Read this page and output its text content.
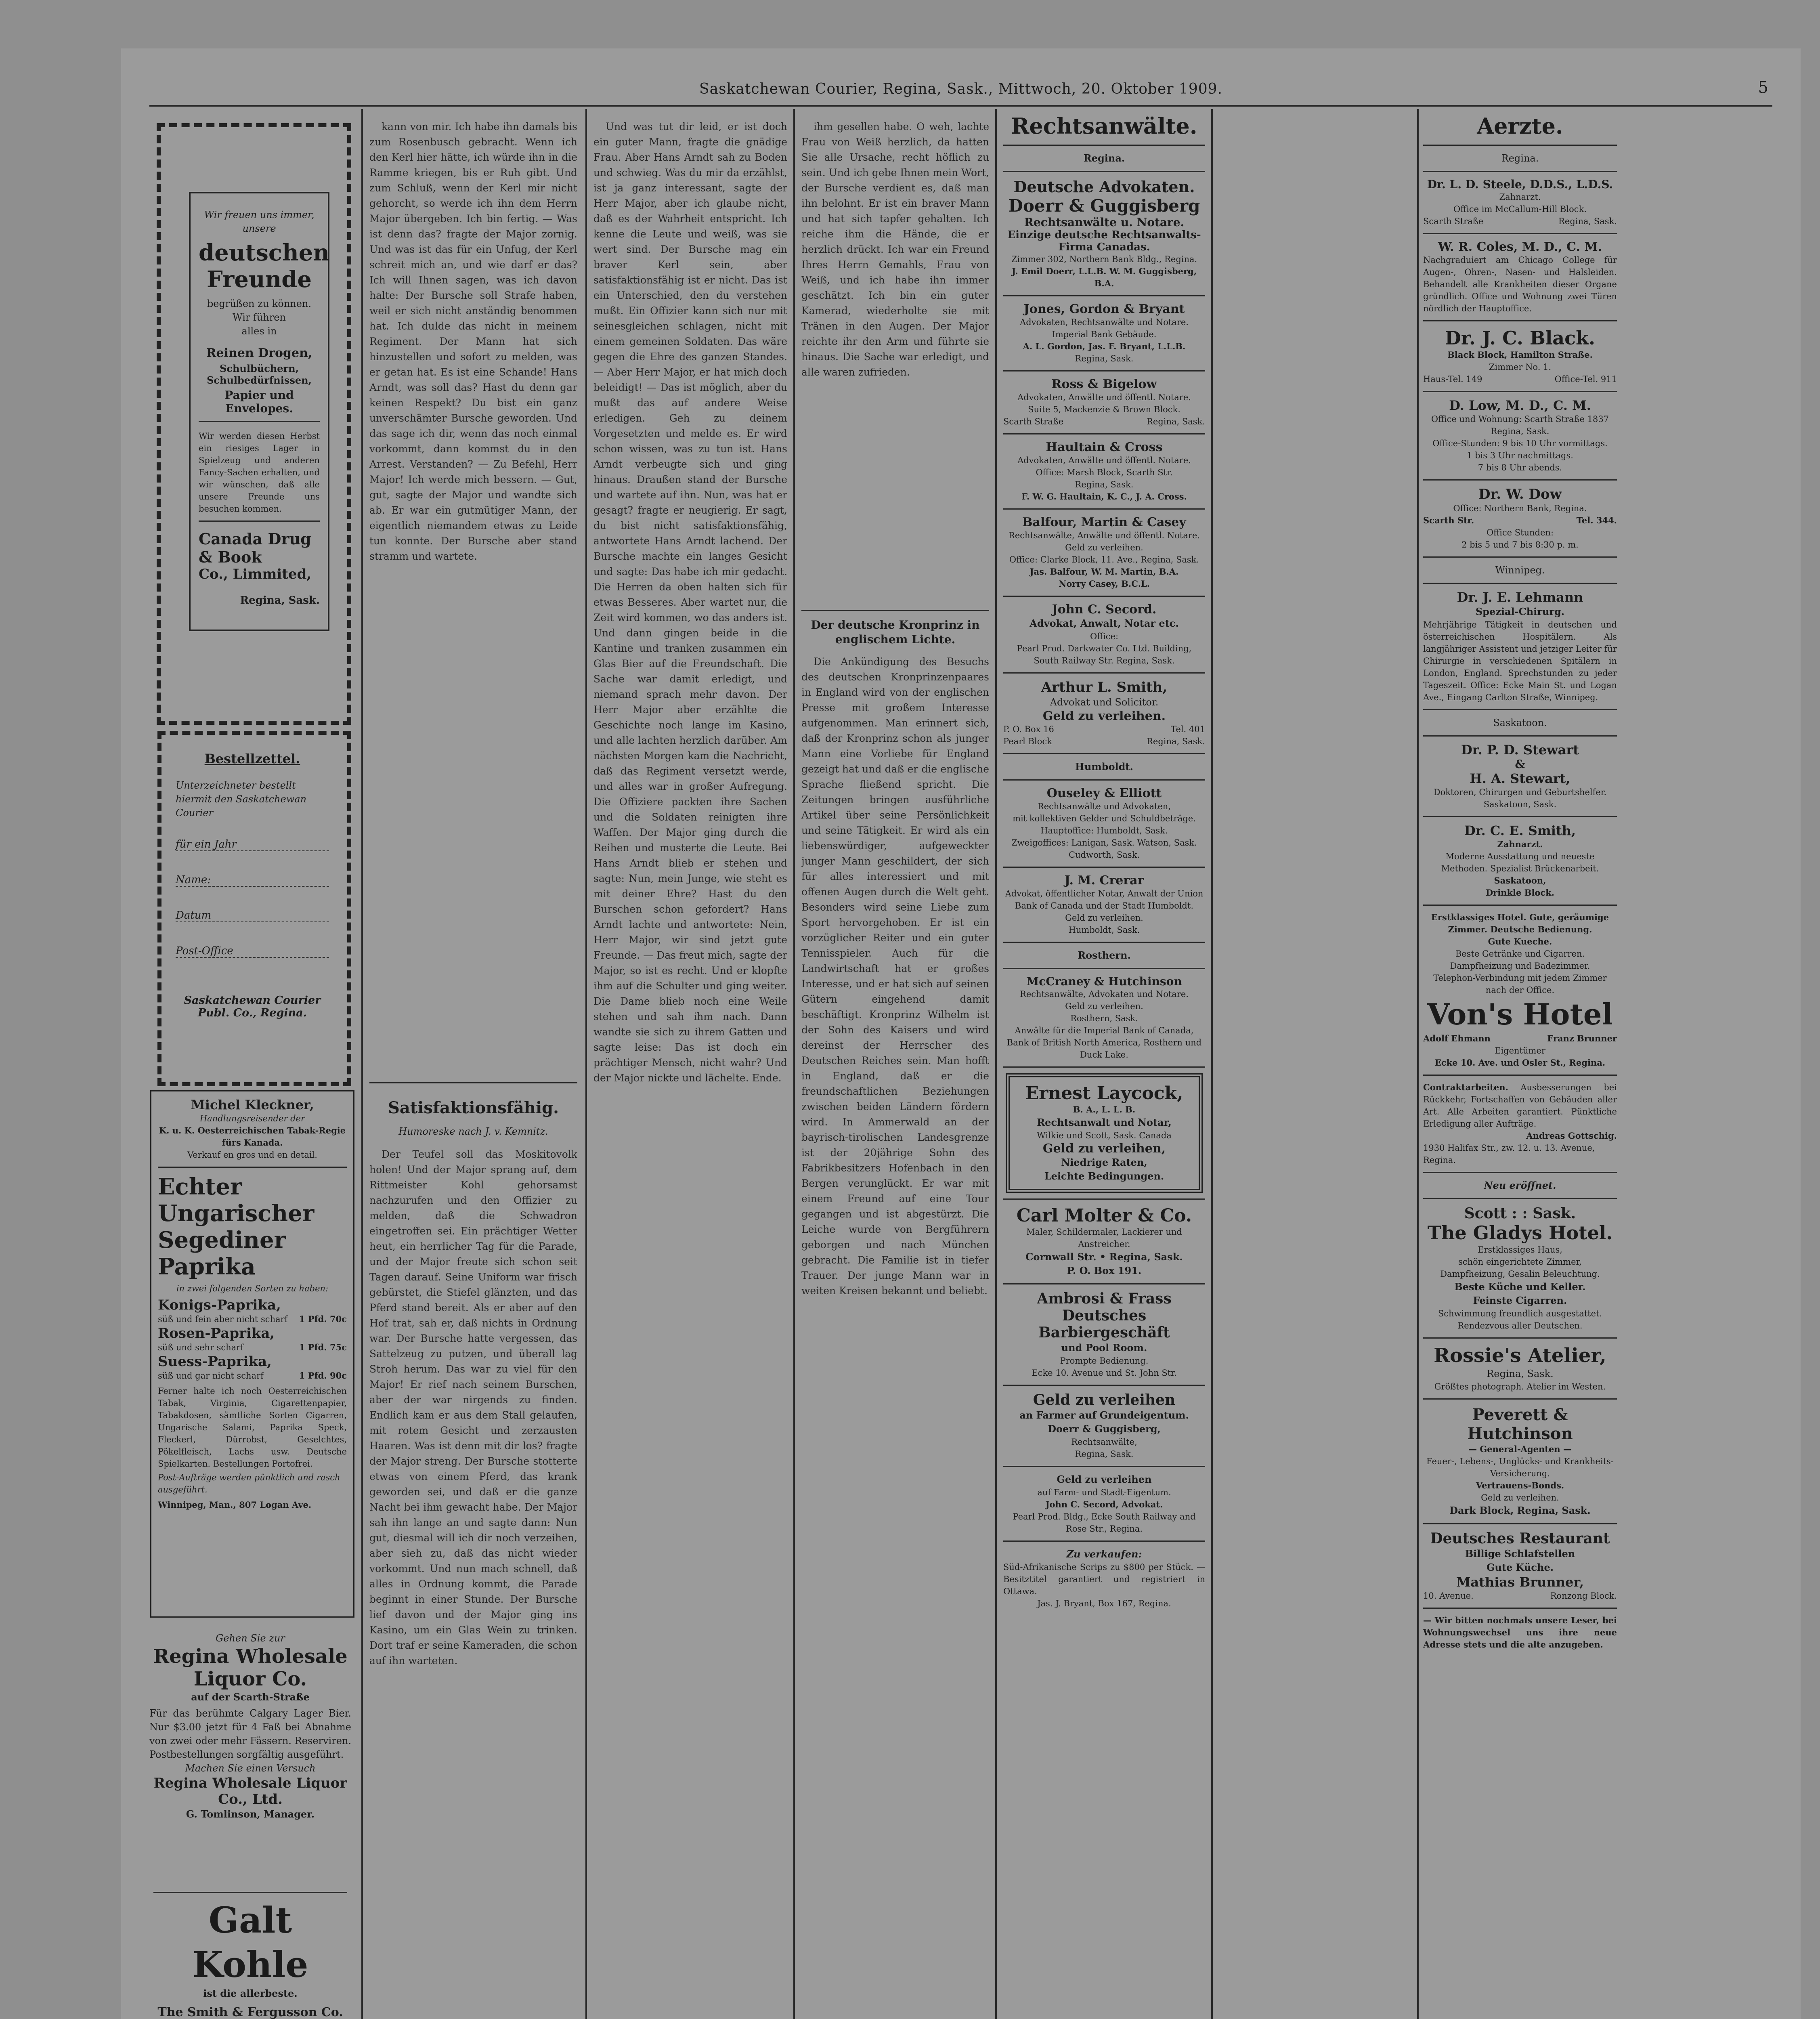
Saskatchewan Courier, Regina, Sask., Mittwoch, 20. Oktober 1909.	5
Wir freuen uns immer, unsere
deutschen Freunde
begrüßen zu können. Wir führen
alles in
Reinen Drogen,
Schulbüchern, Schulbedürfnissen,
Papier und Envelopes.
Wir werden diesen Herbst ein riesiges Lager in Spielzeug und anderen Fancy-Sachen erhalten, und wir wünschen, daß alle unsere Freunde uns besuchen kommen.
Canada Drug & Book
Co., Limmited,
Regina, Sask.
Bestellzettel.
Unterzeichneter bestellt hiermit den Saskatchewan Courier
für ein Jahr
Name:
Datum
Post-Office
Saskatchewan Courier Publ. Co., Regina.
Michel Kleckner,
Handlungsreisender der
K. u. K. Oesterreichischen Tabak-Regie fürs Kanada.
Verkauf en gros und en detail.
Echter
Ungarischer
Segediner
Paprika
in zwei folgenden Sorten zu haben:
Konigs-Paprika,
süß und fein aber nicht scharf 1 Pfd. 70c
Rosen-Paprika,
süß und sehr scharf	1 Pfd. 75c
Suess-Paprika,
süß und gar nicht scharf	1 Pfd. 90c
Ferner halte ich noch Oesterreichischen Tabak, Virginia, Cigarettenpapier, Tabakdosen, sämtliche Sorten Cigarren, Ungarische Salami, Paprika Speck, Fleckerl, Dürrobst, Geselchtes, Pökelfleisch, Lachs usw. Deutsche Spielkarten. Bestellungen Portofrei.
Post-Aufträge werden pünktlich und rasch ausgeführt.
Winnipeg, Man., 807 Logan Ave.
Gehen Sie zur
Regina Wholesale
Liquor Co.
auf der Scarth-Straße
Für das berühmte Calgary Lager Bier. Nur $3.00 jetzt für 4 Faß bei Abnahme von zwei oder mehr Fässern. Reserviren. Postbestellungen sorgfältig ausgeführt.
Machen Sie einen Versuch
Regina Wholesale Liquor
Co., Ltd.
G. Tomlinson, Manager.
Galt Kohle
ist die allerbeste.
The Smith & Fergusson Co.

kann von mir. Ich habe ihn damals bis zum Rosenbusch gebracht. Wenn ich den Kerl hier hätte, ich würde ihn in die Ramme kriegen, bis er Ruh gibt. Und zum Schluß, wenn der Kerl mir nicht gehorcht, so werde ich ihn dem Herrn Major übergeben. Ich bin fertig. — Was ist denn das? fragte der Major zornig. Und was ist das für ein Unfug, der Kerl schreit mich an, und wie darf er das? Ich will Ihnen sagen, was ich davon halte: Der Bursche soll Strafe haben, weil er sich nicht anständig benommen hat. Ich dulde das nicht in meinem Regiment. Der Mann hat sich hinzustellen und sofort zu melden, was er getan hat. Es ist eine Schande! Hans Arndt, was soll das? Hast du denn gar keinen Respekt? Du bist ein ganz unverschämter Bursche geworden. Und das sage ich dir, wenn das noch einmal vorkommt, dann kommst du in den Arrest. Verstanden? — Zu Befehl, Herr Major! Ich werde mich bessern. — Gut, gut, sagte der Major und wandte sich ab. Er war ein gutmütiger Mann, der eigentlich niemandem etwas zu Leide tun konnte. Der Bursche aber stand stramm und wartete.

Satisfaktionsfähig.
Humoreske nach J. v. Kemnitz.

Der Teufel soll das Moskitovolk holen! Und der Major sprang auf, dem Rittmeister Kohl gehorsamst nachzurufen und den Offizier zu melden, daß die Schwadron eingetroffen sei. Ein prächtiger Wetter heut, ein herrlicher Tag für die Parade, und der Major freute sich schon seit Tagen darauf. Seine Uniform war frisch gebürstet, die Stiefel glänzten, und das Pferd stand bereit. Als er aber auf den Hof trat, sah er, daß nichts in Ordnung war. Der Bursche hatte vergessen, das Sattelzeug zu putzen, und überall lag Stroh herum. Das war zu viel für den Major! Er rief nach seinem Burschen, aber der war nirgends zu finden. Endlich kam er aus dem Stall gelaufen, mit rotem Gesicht und zerzausten Haaren. Was ist denn mit dir los? fragte der Major streng. Der Bursche stotterte etwas von einem Pferd, das krank geworden sei, und daß er die ganze Nacht bei ihm gewacht habe. Der Major sah ihn lange an und sagte dann: Nun gut, diesmal will ich dir noch verzeihen, aber sieh zu, daß das nicht wieder vorkommt. Und nun mach schnell, daß alles in Ordnung kommt, die Parade beginnt in einer Stunde. Der Bursche lief davon und der Major ging ins Kasino, um ein Glas Wein zu trinken. Dort traf er seine Kameraden, die schon auf ihn warteten.

Und was tut dir leid, er ist doch ein guter Mann, fragte die gnädige Frau. Aber Hans Arndt sah zu Boden und schwieg. Was du mir da erzählst, ist ja ganz interessant, sagte der Herr Major, aber ich glaube nicht, daß es der Wahrheit entspricht. Ich kenne die Leute und weiß, was sie wert sind. Der Bursche mag ein braver Kerl sein, aber satisfaktionsfähig ist er nicht. Das ist ein Unterschied, den du verstehen mußt. Ein Offizier kann sich nur mit seinesgleichen schlagen, nicht mit einem gemeinen Soldaten. Das wäre gegen die Ehre des ganzen Standes. — Aber Herr Major, er hat mich doch beleidigt! — Das ist möglich, aber du mußt das auf andere Weise erledigen. Geh zu deinem Vorgesetzten und melde es. Er wird schon wissen, was zu tun ist. Hans Arndt verbeugte sich und ging hinaus. Draußen stand der Bursche und wartete auf ihn. Nun, was hat er gesagt? fragte er neugierig. Er sagt, du bist nicht satisfaktionsfähig, antwortete Hans Arndt lachend. Der Bursche machte ein langes Gesicht und sagte: Das habe ich mir gedacht. Die Herren da oben halten sich für etwas Besseres. Aber wartet nur, die Zeit wird kommen, wo das anders ist. Und dann gingen beide in die Kantine und tranken zusammen ein Glas Bier auf die Freundschaft. Die Sache war damit erledigt, und niemand sprach mehr davon. Der Herr Major aber erzählte die Geschichte noch lange im Kasino, und alle lachten herzlich darüber. Am nächsten Morgen kam die Nachricht, daß das Regiment versetzt werde, und alles war in großer Aufregung. Die Offiziere packten ihre Sachen und die Soldaten reinigten ihre Waffen. Der Major ging durch die Reihen und musterte die Leute. Bei Hans Arndt blieb er stehen und sagte: Nun, mein Junge, wie steht es mit deiner Ehre? Hast du den Burschen schon gefordert? Hans Arndt lachte und antwortete: Nein, Herr Major, wir sind jetzt gute Freunde. — Das freut mich, sagte der Major, so ist es recht. Und er klopfte ihm auf die Schulter und ging weiter. Die Dame blieb noch eine Weile stehen und sah ihm nach. Dann wandte sie sich zu ihrem Gatten und sagte leise: Das ist doch ein prächtiger Mensch, nicht wahr? Und der Major nickte und lächelte. Ende.

ihm gesellen habe. O weh, lachte Frau von Weiß herzlich, da hatten Sie alle Ursache, recht höflich zu sein. Und ich gebe Ihnen mein Wort, der Bursche verdient es, daß man ihn belohnt. Er ist ein braver Mann und hat sich tapfer gehalten. Ich reiche ihm die Hände, die er herzlich drückt. Ich war ein Freund Ihres Herrn Gemahls, Frau von Weiß, und ich habe ihn immer geschätzt. Ich bin ein guter Kamerad, wiederholte sie mit Tränen in den Augen. Der Major reichte ihr den Arm und führte sie hinaus. Die Sache war erledigt, und alle waren zufrieden.

Der deutsche Kronprinz in englischem Lichte.

Die Ankündigung des Besuchs des deutschen Kronprinzenpaares in England wird von der englischen Presse mit großem Interesse aufgenommen. Man erinnert sich, daß der Kronprinz schon als junger Mann eine Vorliebe für England gezeigt hat und daß er die englische Sprache fließend spricht. Die Zeitungen bringen ausführliche Artikel über seine Persönlichkeit und seine Tätigkeit. Er wird als ein liebenswürdiger, aufgeweckter junger Mann geschildert, der sich für alles interessiert und mit offenen Augen durch die Welt geht. Besonders wird seine Liebe zum Sport hervorgehoben. Er ist ein vorzüglicher Reiter und ein guter Tennisspieler. Auch für die Landwirtschaft hat er großes Interesse, und er hat sich auf seinen Gütern eingehend damit beschäftigt. Kronprinz Wilhelm ist der Sohn des Kaisers und wird dereinst der Herrscher des Deutschen Reiches sein. Man hofft in England, daß er die freundschaftlichen Beziehungen zwischen beiden Ländern fördern wird. In Ammerwald an der bayrisch-tirolischen Landesgrenze ist der 20jährige Sohn des Fabrikbesitzers Hofenbach in den Bergen verunglückt. Er war mit einem Freund auf eine Tour gegangen und ist abgestürzt. Die Leiche wurde von Bergführern geborgen und nach München gebracht. Die Familie ist in tiefer Trauer. Der junge Mann war in weiten Kreisen bekannt und beliebt.

Rechtsanwälte.
Regina.
Deutsche Advokaten.
Doerr & Guggisberg
Rechtsanwälte u. Notare.
Einzige deutsche Rechtsanwalts-Firma Canadas.
Zimmer 302, Northern Bank Bldg., Regina.
J. Emil Doerr, L.L.B. W. M. Guggisberg, B.A.
Jones, Gordon & Bryant
Advokaten, Rechtsanwälte und Notare.
Imperial Bank Gebäude.
A. L. Gordon, Jas. F. Bryant, L.L.B.
Regina, Sask.
Ross & Bigelow
Advokaten, Anwälte und öffentl. Notare.
Suite 5, Mackenzie & Brown Block.
Scarth Straße	Regina, Sask.
Haultain & Cross
Advokaten, Anwälte und öffentl. Notare.
Office: Marsh Block, Scarth Str.
Regina, Sask.
F. W. G. Haultain, K. C., J. A. Cross.
Balfour, Martin & Casey
Rechtsanwälte, Anwälte und öffentl. Notare.
Geld zu verleihen.
Office: Clarke Block, 11. Ave., Regina, Sask.
Jas. Balfour, W. M. Martin, B.A.
Norry Casey, B.C.L.
John C. Secord.
Advokat, Anwalt, Notar etc.
Office:
Pearl Prod. Darkwater Co. Ltd. Building, South Railway Str. Regina, Sask.
Arthur L. Smith,
Advokat und Solicitor.
Geld zu verleihen.
P. O. Box 16	Tel. 401
Pearl Block	Regina, Sask.
Humboldt.
Ouseley & Elliott
Rechtsanwälte und Advokaten,
mit kollektiven Gelder und Schuldbeträge.
Hauptoffice: Humboldt, Sask.
Zweigoffices: Lanigan, Sask. Watson, Sask. Cudworth, Sask.
J. M. Crerar
Advokat, öffentlicher Notar, Anwalt der Union Bank of Canada und der Stadt Humboldt.
Geld zu verleihen.
Humboldt, Sask.
Rosthern.
McCraney & Hutchinson
Rechtsanwälte, Advokaten und Notare.
Geld zu verleihen.
Rosthern, Sask.
Anwälte für die Imperial Bank of Canada, Bank of British North America, Rosthern und Duck Lake.
Ernest Laycock,
B. A., L. L. B.
Rechtsanwalt und Notar,
Wilkie und Scott, Sask. Canada
Geld zu verleihen,
Niedrige Raten,
Leichte Bedingungen.
Carl Molter & Co.
Maler, Schildermaler, Lackierer und Anstreicher.
Cornwall Str. • Regina, Sask.
P. O. Box 191.
Ambrosi & Frass
Deutsches Barbiergeschäft
und Pool Room.
Prompte Bedienung.
Ecke 10. Avenue und St. John Str.
Geld zu verleihen
an Farmer auf Grundeigentum.
Doerr & Guggisberg,
Rechtsanwälte,
Regina, Sask.
Geld zu verleihen
auf Farm- und Stadt-Eigentum.
John C. Secord, Advokat.
Pearl Prod. Bldg., Ecke South Railway and Rose Str., Regina.
Zu verkaufen:
Süd-Afrikanische Scrips zu $800 per Stück. — Besitztitel garantiert und registriert in Ottawa.
Jas. J. Bryant, Box 167, Regina.
Aerzte.
Regina.
Dr. L. D. Steele, D.D.S., L.D.S.
Zahnarzt.
Office im McCallum-Hill Block.
Scarth Straße	Regina, Sask.
W. R. Coles, M. D., C. M.
Nachgraduiert am Chicago College für Augen-, Ohren-, Nasen- und Halsleiden. Behandelt alle Krankheiten dieser Organe gründlich. Office und Wohnung zwei Türen nördlich der Hauptoffice.
Dr. J. C. Black.
Black Block, Hamilton Straße.
Zimmer No. 1.
Haus-Tel. 149	Office-Tel. 911
D. Low, M. D., C. M.
Office und Wohnung: Scarth Straße 1837
Regina, Sask.
Office-Stunden: 9 bis 10 Uhr vormittags.
1 bis 3 Uhr nachmittags.
7 bis 8 Uhr abends.
Dr. W. Dow
Office: Northern Bank, Regina.
Scarth Str.	Tel. 344.
Office Stunden:
2 bis 5 und 7 bis 8:30 p. m.
Winnipeg.
Dr. J. E. Lehmann
Spezial-Chirurg.
Mehrjährige Tätigkeit in deutschen und österreichischen Hospitälern. Als langjähriger Assistent und jetziger Leiter für Chirurgie in verschiedenen Spitälern in London, England. Sprechstunden zu jeder Tageszeit. Office: Ecke Main St. und Logan Ave., Eingang Carlton Straße, Winnipeg.
Saskatoon.
Dr. P. D. Stewart
&
H. A. Stewart,
Doktoren, Chirurgen und Geburtshelfer.
Saskatoon, Sask.
Dr. C. E. Smith,
Zahnarzt.
Moderne Ausstattung und neueste Methoden. Spezialist Brückenarbeit.
Saskatoon,
Drinkle Block.
Erstklassiges Hotel. Gute, geräumige Zimmer. Deutsche Bedienung.
Gute Kueche.
Beste Getränke und Cigarren.
Dampfheizung und Badezimmer.
Telephon-Verbindung mit jedem Zimmer nach der Office.
Von's Hotel
Adolf Ehmann	Franz Brunner
Eigentümer
Ecke 10. Ave. und Osler St., Regina.
Contraktarbeiten. Ausbesserungen bei Rückkehr, Fortschaffen von Gebäuden aller Art. Alle Arbeiten garantiert. Pünktliche Erledigung aller Aufträge.
Andreas Gottschig.
1930 Halifax Str., zw. 12. u. 13. Avenue, Regina.
Neu eröffnet.
Scott : : Sask.
The Gladys Hotel.
Erstklassiges Haus,
schön eingerichtete Zimmer,
Dampfheizung, Gesalin Beleuchtung.
Beste Küche und Keller.
Feinste Cigarren.
Schwimmung freundlich ausgestattet.
Rendezvous aller Deutschen.
Rossie's Atelier,
Regina, Sask.
Größtes photograph. Atelier im Westen.
Peverett & Hutchinson
— General-Agenten —
Feuer-, Lebens-, Unglücks- und Krankheits-Versicherung.
Vertrauens-Bonds.
Geld zu verleihen.
Dark Block, Regina, Sask.
Deutsches Restaurant
Billige Schlafstellen
Gute Küche.
Mathias Brunner,
10. Avenue.	Ronzong Block.
— Wir bitten nochmals unsere Leser, bei Wohnungswechsel uns ihre neue Adresse stets und die alte anzugeben.
